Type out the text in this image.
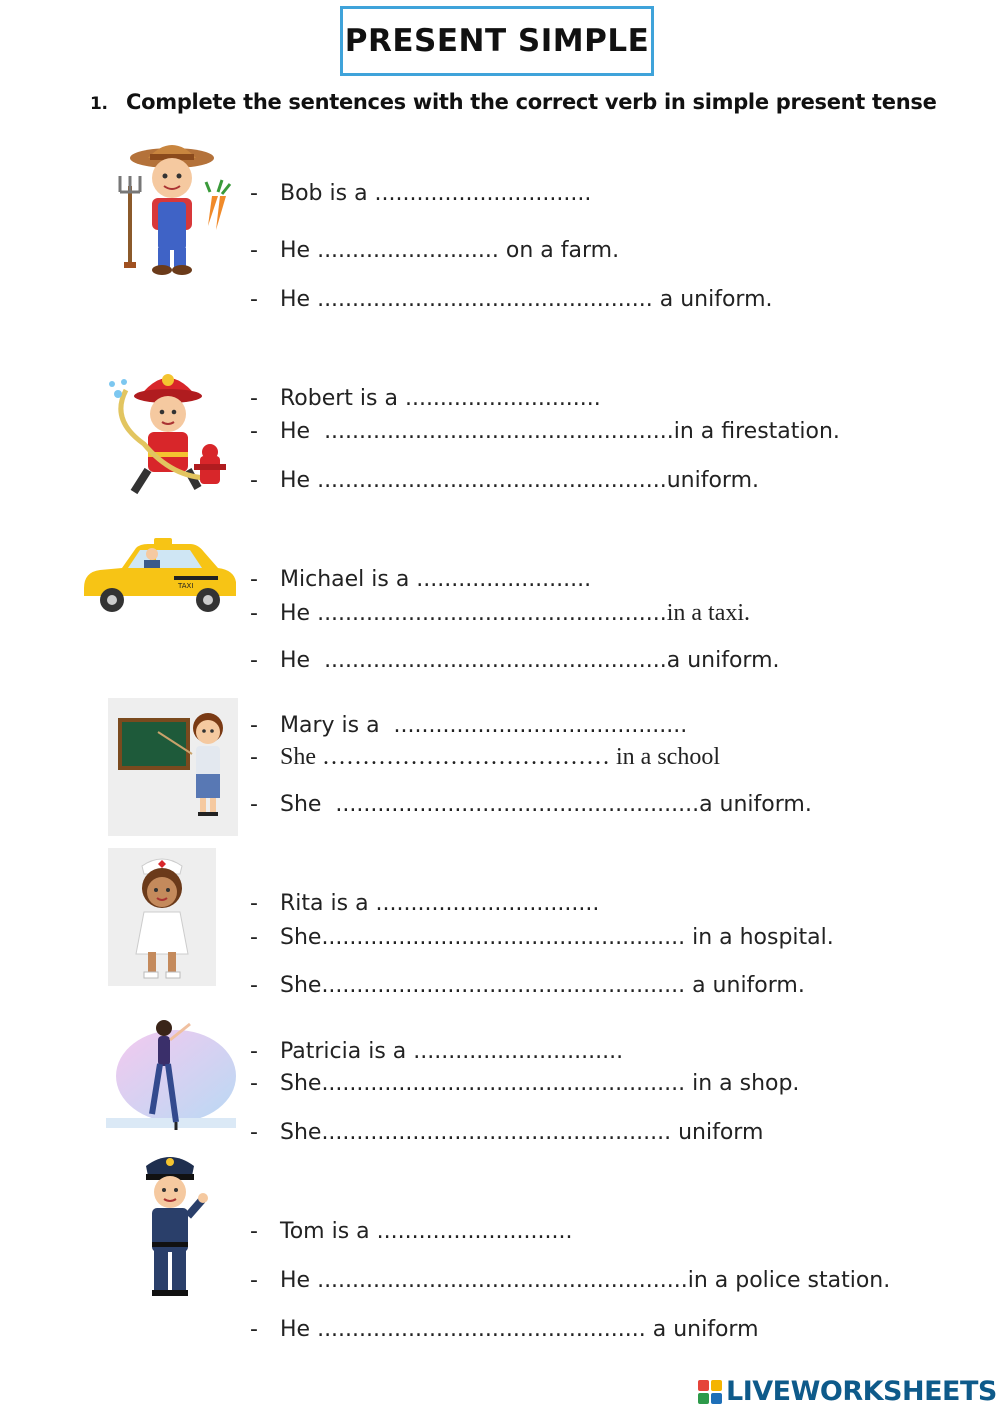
PRESENT SIMPLE
1. Complete the sentences with the correct verb in simple present tense
TAXI
- Bob is a ...............................
- He .......................... on a farm.
- He ................................................ a uniform.
- Robert is a ............................
- He  ..................................................in a firestation.
- He ..................................................uniform.
- Michael is a .........................
- He ..................................................in a taxi.
- He  .................................................a uniform.
- Mary is a  ..........................................
- She ……………………………… in a school
- She  ....................................................a uniform.
- Rita is a ................................
- She.................................................... in a hospital.
- She.................................................... a uniform.
- Patricia is a ..............................
- She.................................................... in a shop.
- She.................................................. uniform
- Tom is a ............................
- He .....................................................in a police station.
- He ............................................... a uniform
LIVEWORKSHEETS
